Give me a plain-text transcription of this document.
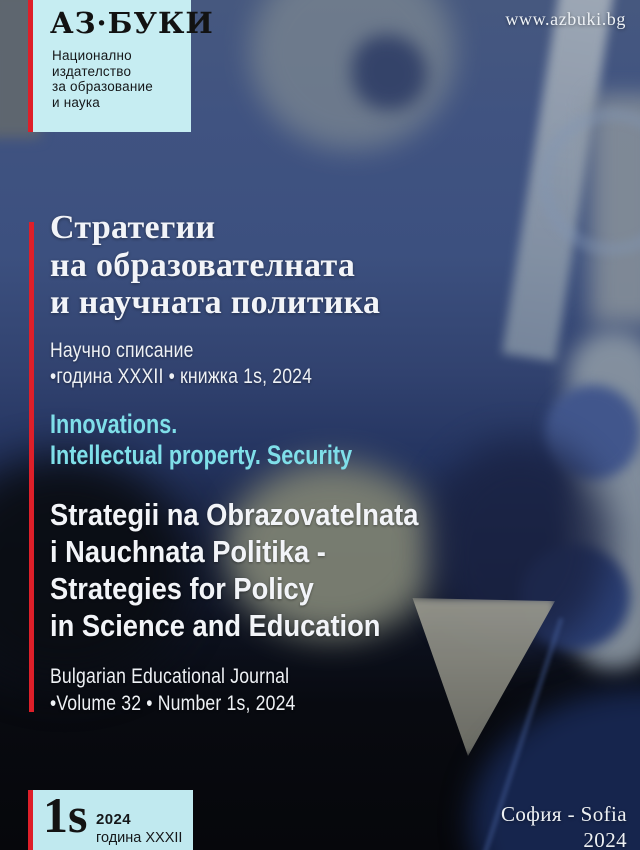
АЗ·БУКИ
Национално
издателство
за образование
и наука
www.azbuki.bg
Стратегии
на образователната
и научната политика
Научно списание
•година XXXII • книжка 1s, 2024
Innovations.
Intellectual property. Security
Strategii na Obrazovatelnata
i Nauchnata Politika -
Strategies for Policy
in Science and Education
Bulgarian Educational Journal
•Volume 32 • Number 1s, 2024
1s 2024
година XXXII
София - Sofia
2024
